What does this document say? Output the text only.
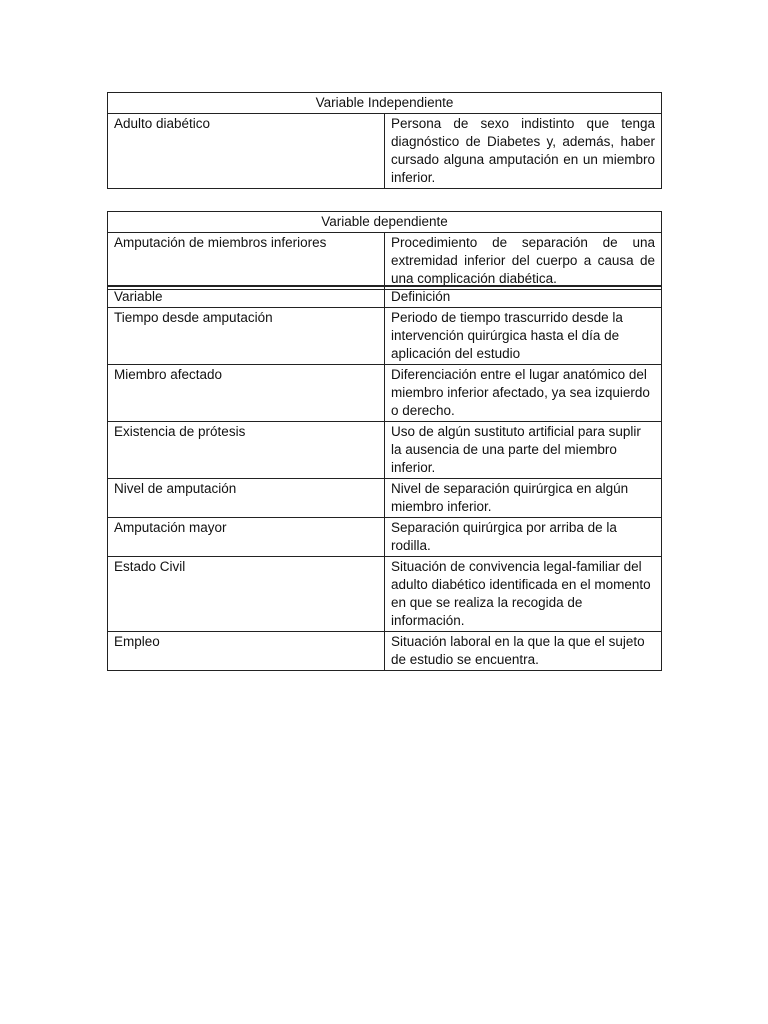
Variable Independiente
Adulto diabético	Persona de sexo indistinto que tenga diagnóstico de Diabetes y, además, haber cursado alguna amputación en un miembro inferior.
Variable dependiente
Amputación de miembros inferiores	Procedimiento de separación de una extremidad inferior del cuerpo a causa de una complicación diabética.
Variable	Definición
Tiempo desde amputación	Periodo de tiempo trascurrido desde la intervención quirúrgica hasta el día de aplicación del estudio
Miembro afectado	Diferenciación entre el lugar anatómico del miembro inferior afectado, ya sea izquierdo o derecho.
Existencia de prótesis	Uso de algún sustituto artificial para suplir la ausencia de una parte del miembro inferior.
Nivel de amputación	Nivel de separación quirúrgica en algún miembro inferior.
Amputación mayor	Separación quirúrgica por arriba de la rodilla.
Estado Civil	Situación de convivencia legal-familiar del adulto diabético identificada en el momento en que se realiza la recogida de información.
Empleo	Situación laboral en la que la que el sujeto de estudio se encuentra.
